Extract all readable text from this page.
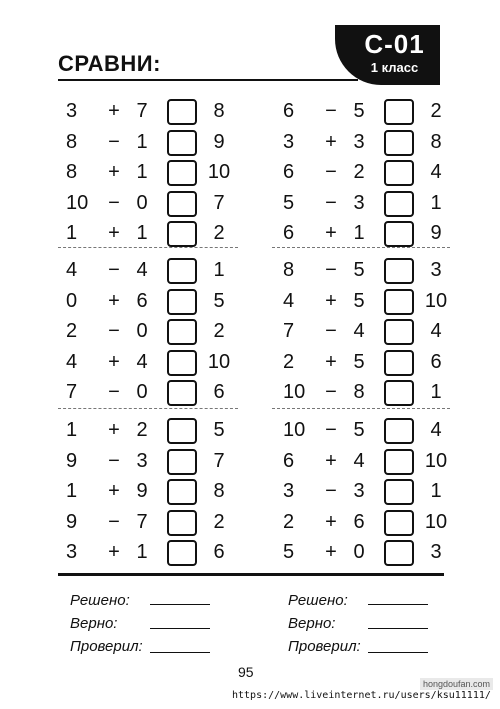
СРАВНИ:
C-01
1 класс
3	+ 7	8
8	− 1	9
8	+ 1	10
10 − 0	7
1	+ 1	2
4	− 4	1
0	+ 6	5
2	− 0	2
4	+ 4	10
7	− 0	6
1	+ 2	5
9	− 3	7
1	+ 9	8
9	− 7	2
3	+ 1	6
6	− 5	2
3	+ 3	8
6	− 2	4
5	− 3	1
6	+ 1	9
8	− 5	3
4	+ 5	10
7	− 4	4
2	+ 5	6
10 − 8	1
10 − 5	4
6	+ 4	10
3	− 3	1
2	+ 6	10
5	+ 0	3
Решено:
Верно:
Проверил:
Решено:
Верно:
Проверил:
95
https://www.liveinternet.ru/users/ksu11111/
hongdoufan.com
